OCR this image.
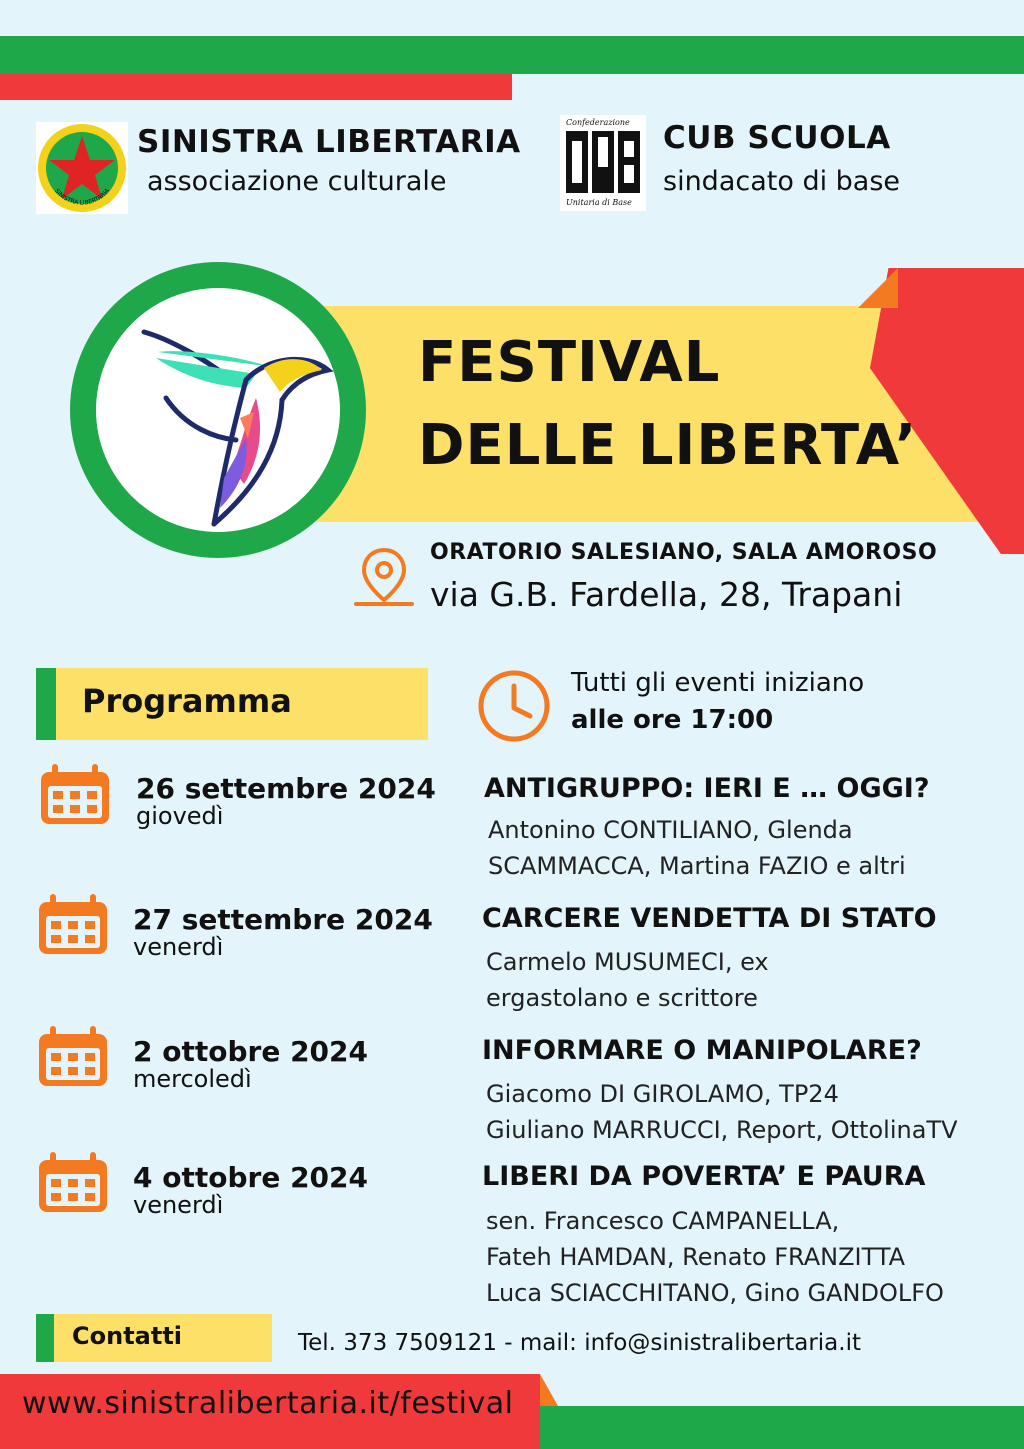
SINISTRA LIBERTARIA
SINISTRA LIBERTARIA
associazione culturale
Confederazione
Unitaria di Base
CUB SCUOLA
sindacato di base
FESTIVAL
DELLE LIBERTA’
ORATORIO SALESIANO, SALA AMOROSO
via G.B. Fardella, 28, Trapani
Programma	Tutti gli eventi iniziano
alle ore 17:00
26 settembre 2024
giovedì
ANTIGRUPPO: IERI E … OGGI?
Antonino CONTILIANO, Glenda
SCAMMACCA, Martina FAZIO e altri
27 settembre 2024
venerdì
CARCERE VENDETTA DI STATO
Carmelo MUSUMECI, ex
ergastolano e scrittore
2 ottobre 2024
mercoledì
INFORMARE O MANIPOLARE?
Giacomo DI GIROLAMO, TP24
Giuliano MARRUCCI, Report, OttolinaTV
4 ottobre 2024
venerdì
LIBERI DA POVERTA’ E PAURA
sen. Francesco CAMPANELLA,
Fateh HAMDAN, Renato FRANZITTA
Luca SCIACCHITANO, Gino GANDOLFO
Contatti	Tel. 373 7509121 - mail: info@sinistralibertaria.it
www.sinistralibertaria.it/festival
